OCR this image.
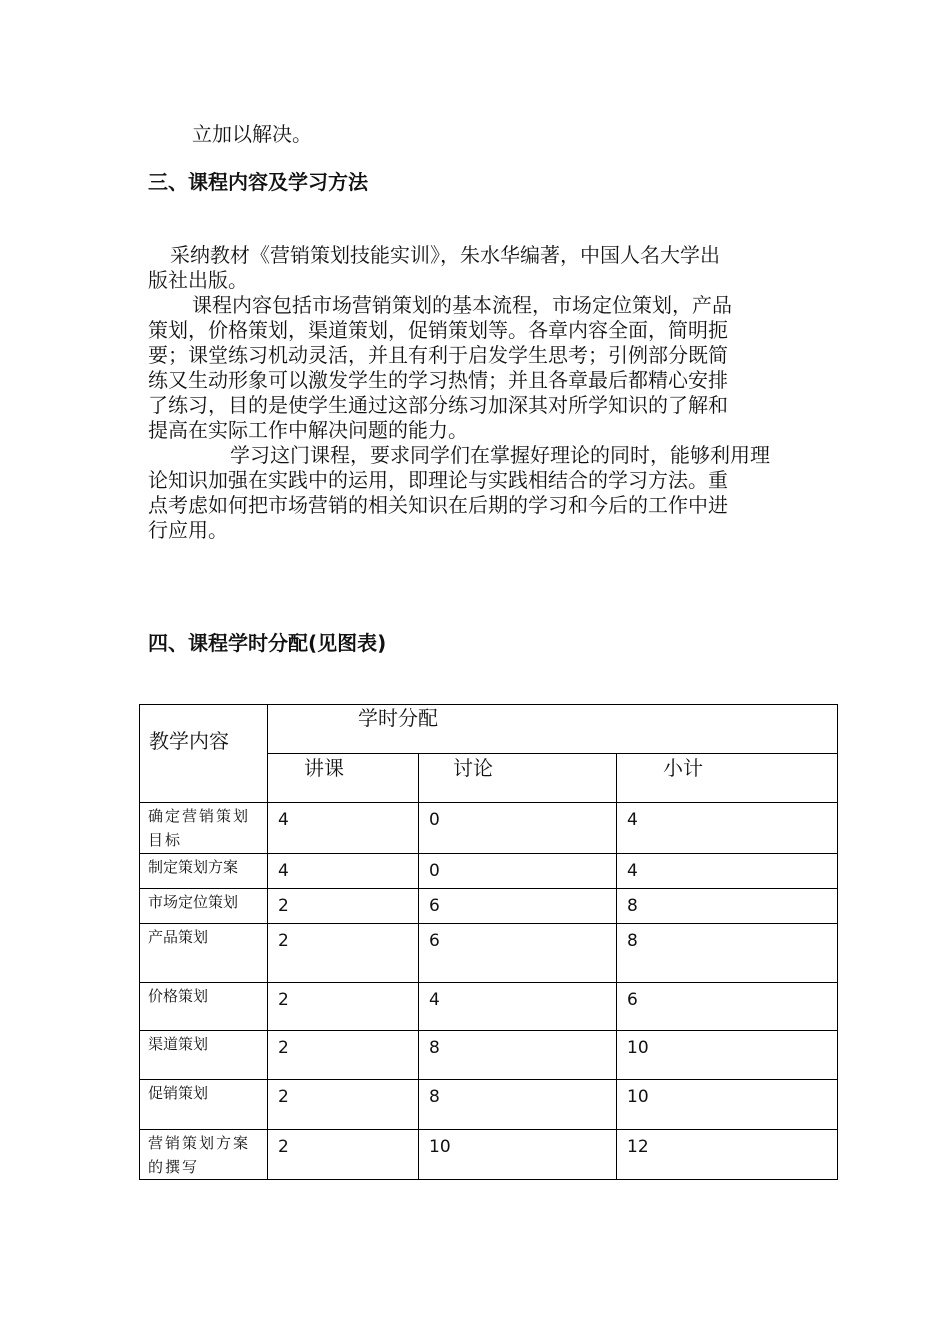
立加以解决。
三、课程内容及学习方法
采纳教材《营销策划技能实训》，朱水华编著，中国人名大学出
版社出版。
课程内容包括市场营销策划的基本流程，市场定位策划，产品
策划，价格策划，渠道策划，促销策划等。各章内容全面，简明扼
要；课堂练习机动灵活，并且有利于启发学生思考；引例部分既简
练又生动形象可以激发学生的学习热情；并且各章最后都精心安排
了练习，目的是使学生通过这部分练习加深其对所学知识的了解和
提高在实际工作中解决问题的能力。
学习这门课程，要求同学们在掌握好理论的同时，能够利用理
论知识加强在实践中的运用，即理论与实践相结合的学习方法。重
点考虑如何把市场营销的相关知识在后期的学习和今后的工作中进
行应用。
四、课程学时分配(见图表)
教学内容	学时分配		
	讲课	讨论	小计
确定营销策划目标	4	0	4
制定策划方案	4	0	4
市场定位策划	2	6	8
产品策划	2	6	8
价格策划	2	4	6
渠道策划	2	8	10
促销策划	2	8	10
营销策划方案的撰写	2	10	12
